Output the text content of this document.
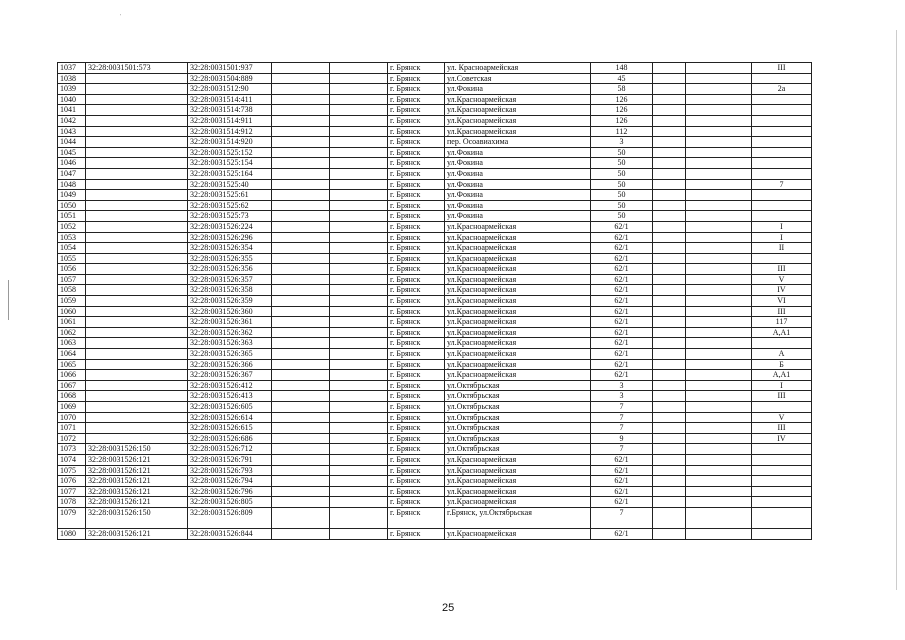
'
1037	32:28:0031501:573	32:28:0031501:937			г. Брянск	ул. Красноармейская	148			III
1038		32:28:0031504:889			г. Брянск	ул.Советская	45			
1039		32:28:0031512:90			г. Брянск	ул.Фокина	58			2а
1040		32:28:0031514:411			г. Брянск	ул.Красноармейская	126			
1041		32:28:0031514:738			г. Брянск	ул.Красноармейская	126			
1042		32:28:0031514:911			г. Брянск	ул.Красноармейская	126			
1043		32:28:0031514:912			г. Брянск	ул.Красноармейская	112			
1044		32:28:0031514:920			г. Брянск	пер. Осоавиахима	3			
1045		32:28:0031525:152			г. Брянск	ул.Фокина	50			
1046		32:28:0031525:154			г. Брянск	ул.Фокина	50			
1047		32:28:0031525:164			г. Брянск	ул.Фокина	50			
1048		32:28:0031525:40			г. Брянск	ул.Фокина	50			7
1049		32:28:0031525:61			г. Брянск	ул.Фокина	50			
1050		32:28:0031525:62			г. Брянск	ул.Фокина	50			
1051		32:28:0031525:73			г. Брянск	ул.Фокина	50			
1052		32:28:0031526:224			г. Брянск	ул.Красноармейская	62/1			I
1053		32:28:0031526:296			г. Брянск	ул.Красноармейская	62/1			I
1054		32:28:0031526:354			г. Брянск	ул.Красноармейская	62/1			II
1055		32:28:0031526:355			г. Брянск	ул.Красноармейская	62/1			
1056		32:28:0031526:356			г. Брянск	ул.Красноармейская	62/1			III
1057		32:28:0031526:357			г. Брянск	ул.Красноармейская	62/1			V
1058		32:28:0031526:358			г. Брянск	ул.Красноармейская	62/1			IV
1059		32:28:0031526:359			г. Брянск	ул.Красноармейская	62/1			VI
1060		32:28:0031526:360			г. Брянск	ул.Красноармейская	62/1			III
1061		32:28:0031526:361			г. Брянск	ул.Красноармейская	62/1			117
1062		32:28:0031526:362			г. Брянск	ул.Красноармейская	62/1			А,А1
1063		32:28:0031526:363			г. Брянск	ул.Красноармейская	62/1			
1064		32:28:0031526:365			г. Брянск	ул.Красноармейская	62/1			А
1065		32:28:0031526:366			г. Брянск	ул.Красноармейская	62/1			Б
1066		32:28:0031526:367			г. Брянск	ул.Красноармейская	62/1			А,А1
1067		32:28:0031526:412			г. Брянск	ул.Октябрьская	3			I
1068		32:28:0031526:413			г. Брянск	ул.Октябрьская	3			III
1069		32:28:0031526:605			г. Брянск	ул.Октябрьская	7			
1070		32:28:0031526:614			г. Брянск	ул.Октябрьская	7			V
1071		32:28:0031526:615			г. Брянск	ул.Октябрьская	7			III
1072		32:28:0031526:686			г. Брянск	ул.Октябрьская	9			IV
1073	32:28:0031526:150	32:28:0031526:712			г. Брянск	ул.Октябрьская	7			
1074	32:28:0031526:121	32:28:0031526:791			г. Брянск	ул.Красноармейская	62/1			
1075	32:28:0031526:121	32:28:0031526:793			г. Брянск	ул.Красноармейская	62/1			
1076	32:28:0031526:121	32:28:0031526:794			г. Брянск	ул.Красноармейская	62/1			
1077	32:28:0031526:121	32:28:0031526:796			г. Брянск	ул.Красноармейская	62/1			
1078	32:28:0031526:121	32:28:0031526:805			г. Брянск	ул.Красноармейская	62/1			
1079	32:28:0031526:150	32:28:0031526:809			г. Брянск	г.Брянск, ул.Октябрьская	7			
1080	32:28:0031526:121	32:28:0031526:844			г. Брянск	ул.Красноармейская	62/1			
25
